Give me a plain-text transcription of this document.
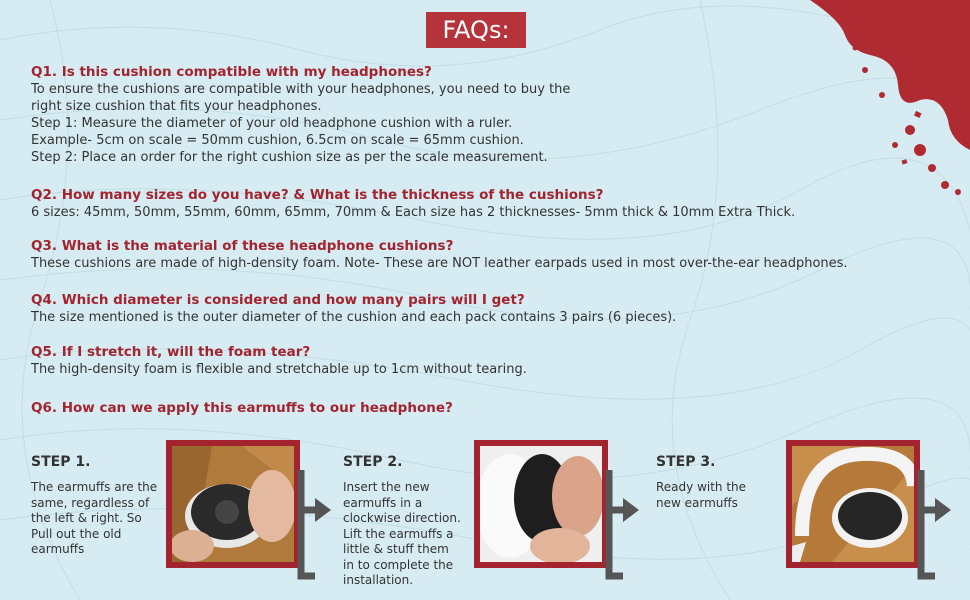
FAQs:
Q1. Is this cushion compatible with my headphones?
To ensure the cushions are compatible with your headphones, you need to buy the
right size cushion that fits your headphones.
Step 1: Measure the diameter of your old headphone cushion with a ruler.
Example- 5cm on scale = 50mm cushion, 6.5cm on scale = 65mm cushion.
Step 2: Place an order for the right cushion size as per the scale measurement.
Q2. How many sizes do you have? & What is the thickness of the cushions?
6 sizes: 45mm, 50mm, 55mm, 60mm, 65mm, 70mm & Each size has 2 thicknesses- 5mm thick & 10mm Extra Thick.
Q3. What is the material of these headphone cushions?
These cushions are made of high-density foam. Note- These are NOT leather earpads used in most over-the-ear headphones.
Q4. Which diameter is considered and how many pairs will I get?
The size mentioned is the outer diameter of the cushion and each pack contains 3 pairs (6 pieces).
Q5. If I stretch it, will the foam tear?
The high-density foam is flexible and stretchable up to 1cm without tearing.
Q6. How can we apply this earmuffs to our headphone?
STEP 1.
The earmuffs are the
same, regardless of
the left & right. So
Pull out the old
earmuffs
STEP 2.
Insert the new
earmuffs in a
clockwise direction.
Lift the earmuffs a
little & stuff them
in to complete the
installation.
STEP 3.
Ready with the
new earmuffs
